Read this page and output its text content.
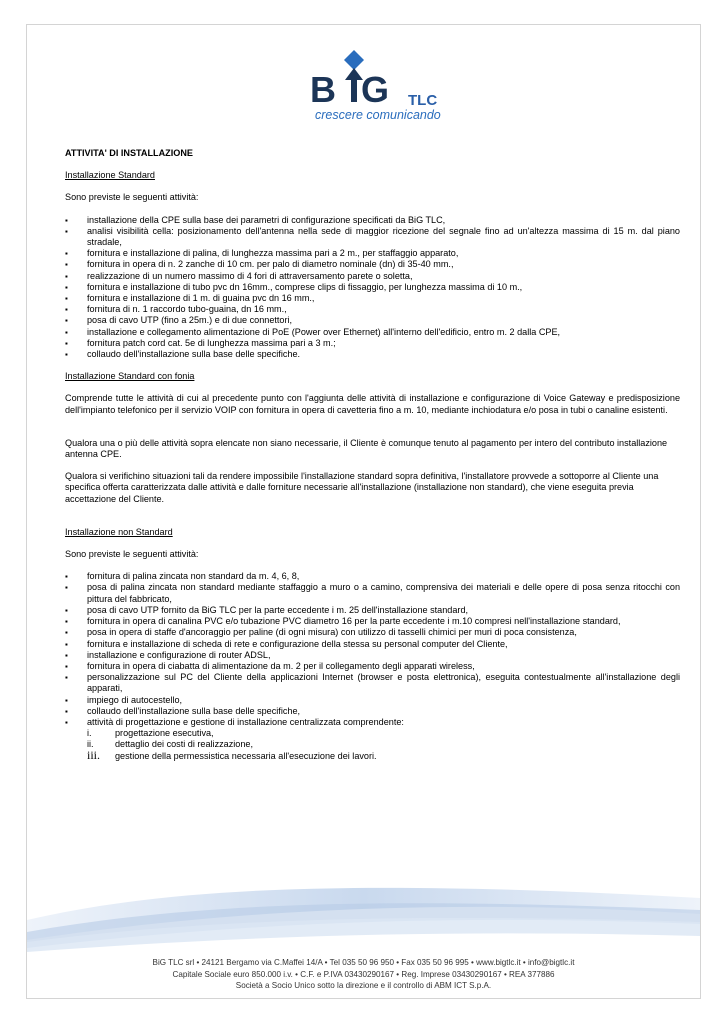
B G TLC
crescere comunicando

ATTIVITA' DI INSTALLAZIONE

Installazione Standard

Sono previste le seguenti attività:

▪ installazione della CPE sulla base dei parametri di configurazione specificati da BiG TLC,
▪ analisi visibilità cella: posizionamento dell'antenna nella sede di maggior ricezione del segnale fino ad un'altezza massima di 15 m. dal piano stradale,
▪ fornitura e installazione di palina, di lunghezza massima pari a 2 m., per staffaggio apparato,
▪ fornitura in opera di n. 2 zanche di 10 cm. per palo di diametro nominale (dn) di 35-40 mm.,
▪ realizzazione di un numero massimo di 4 fori di attraversamento parete o soletta,
▪ fornitura e installazione di tubo pvc dn 16mm., comprese clips di fissaggio, per lunghezza massima di 10 m.,
▪ fornitura e installazione di 1 m. di guaina pvc dn 16 mm.,
▪ fornitura di n. 1 raccordo tubo-guaina, dn 16 mm.,
▪ posa di cavo UTP (fino a 25m.) e di due connettori,
▪ installazione e collegamento alimentazione di PoE (Power over Ethernet) all'interno dell'edificio, entro m. 2 dalla CPE,
▪ fornitura patch cord cat. 5e di lunghezza massima pari a 3 m.;
▪ collaudo dell'installazione sulla base delle specifiche.

Installazione Standard con fonia

Comprende tutte le attività di cui al precedente punto con l'aggiunta delle attività di installazione e configurazione di Voice Gateway e predisposizione dell'impianto telefonico per il servizio VOIP con fornitura in opera di cavetteria fino a m. 10, mediante inchiodatura e/o posa in tubi o canaline esistenti.

Qualora una o più delle attività sopra elencate non siano necessarie, il Cliente è comunque tenuto al pagamento per intero del contributo installazione antenna CPE.

Qualora si verifichino situazioni tali da rendere impossibile l'installazione standard sopra definitiva, l'installatore provvede a sottoporre al Cliente una specifica offerta caratterizzata dalle attività e dalle forniture necessarie all'installazione (installazione non standard), che viene eseguita previa accettazione del Cliente.

Installazione non Standard

Sono previste le seguenti attività:

▪ fornitura di palina zincata non standard da m. 4, 6, 8,
▪ posa di palina zincata non standard mediante staffaggio a muro o a camino, comprensiva dei materiali e delle opere di posa senza ritocchi con pittura del fabbricato,
▪ posa di cavo UTP fornito da BiG TLC per la parte eccedente i m. 25 dell'installazione standard,
▪ fornitura in opera di canalina PVC e/o tubazione PVC diametro 16 per la parte eccedente i m.10 compresi nell'installazione standard,
▪ posa in opera di staffe d'ancoraggio per paline (di ogni misura) con utilizzo di tasselli chimici per muri di poca consistenza,
▪ fornitura e installazione di scheda di rete e configurazione della stessa su personal computer del Cliente,
▪ installazione e configurazione di router ADSL,
▪ fornitura in opera di ciabatta di alimentazione da m. 2 per il collegamento degli apparati wireless,
▪ personalizzazione sul PC del Cliente della applicazioni Internet (browser e posta elettronica), eseguita contestualmente all'installazione degli apparati,
▪ impiego di autocestello,
▪ collaudo dell'installazione sulla base delle specifiche,
▪ attività di progettazione e gestione di installazione centralizzata comprendente:
i.	progettazione esecutiva,
ii. dettaglio dei costi di realizzazione,
iii. gestione della permessistica necessaria all'esecuzione dei lavori.
BiG TLC srl • 24121 Bergamo via C.Maffei 14/A • Tel 035 50 96 950 • Fax 035 50 96 995 • www.bigtlc.it • info@bigtlc.it
Capitale Sociale euro 850.000 i.v. • C.F. e P.IVA 03430290167 • Reg. Imprese 03430290167 • REA 377886
Società a Socio Unico sotto la direzione e il controllo di ABM ICT S.p.A.
